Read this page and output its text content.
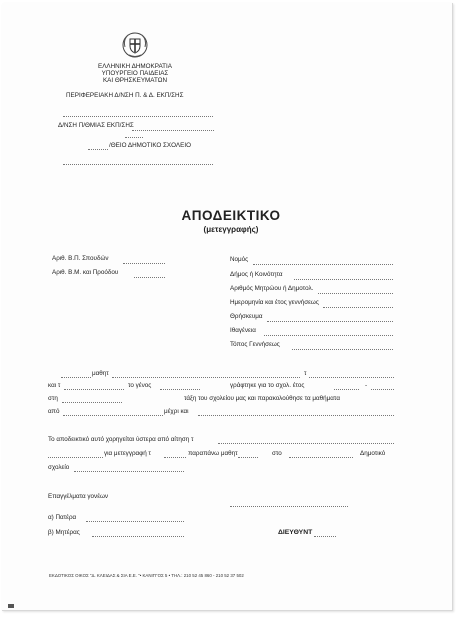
ΕΛΛΗΝΙΚΗ ΔΗΜΟΚΡΑΤΙΑ
ΥΠΟΥΡΓΕΙΟ ΠΑΙΔΕΙΑΣ
ΚΑΙ ΘΡΗΣΚΕΥΜΑΤΩΝ
ΠΕΡΙΦΕΡΕΙΑΚΗ Δ/ΝΣΗ Π. & Δ. ΕΚΠ/ΣΗΣ
Δ/ΝΣΗ Π/ΘΜΙΑΣ ΕΚΠ/ΣΗΣ
/ΘΕΙΟ ΔΗΜΟΤΙΚΟ ΣΧΟΛΕΙΟ
ΑΠΟΔΕΙΚΤΙΚΟ
(μετεγγραφής)
Αριθ. Β.Π. Σπουδών
Αριθ. Β.Μ. και Προόδου
Νομός
Δήμος ή Κοινότητα
Αριθμός Μητρώου ή Δημοτολ.
Ημερομηνία και έτος γεννήσεως
Θρήσκευμα
Ιθαγένεια
Τόπος Γεννήσεως
μαθητ	τ
και τ	το γένος	γράφτηκε για το σχολ. έτος	-
στη	τάξη του σχολείου μας και παρακολούθησε τα μαθήματα
από	μέχρι και
Το αποδεικτικό αυτό χορηγείται ύστερα από αίτηση τ
για μετεγγραφή τ	παραπάνω μαθητ	στο	Δημοτικό
σχολείο
Επαγγέλματα γονέων
α) Πατέρα
β) Μητέρας	ΔΙΕΥΘΥΝΤ
ΕΚΔΟΤΙΚΟΣ ΟΙΚΟΣ "Δ. ΚΛΕΙΔΑΣ & ΣΙΑ Ε.Ε. "• ΚΑΝΙΓΓΟΣ 5 • ΤΗΛ.: 210 52 45 860 - 210 52 37 502
